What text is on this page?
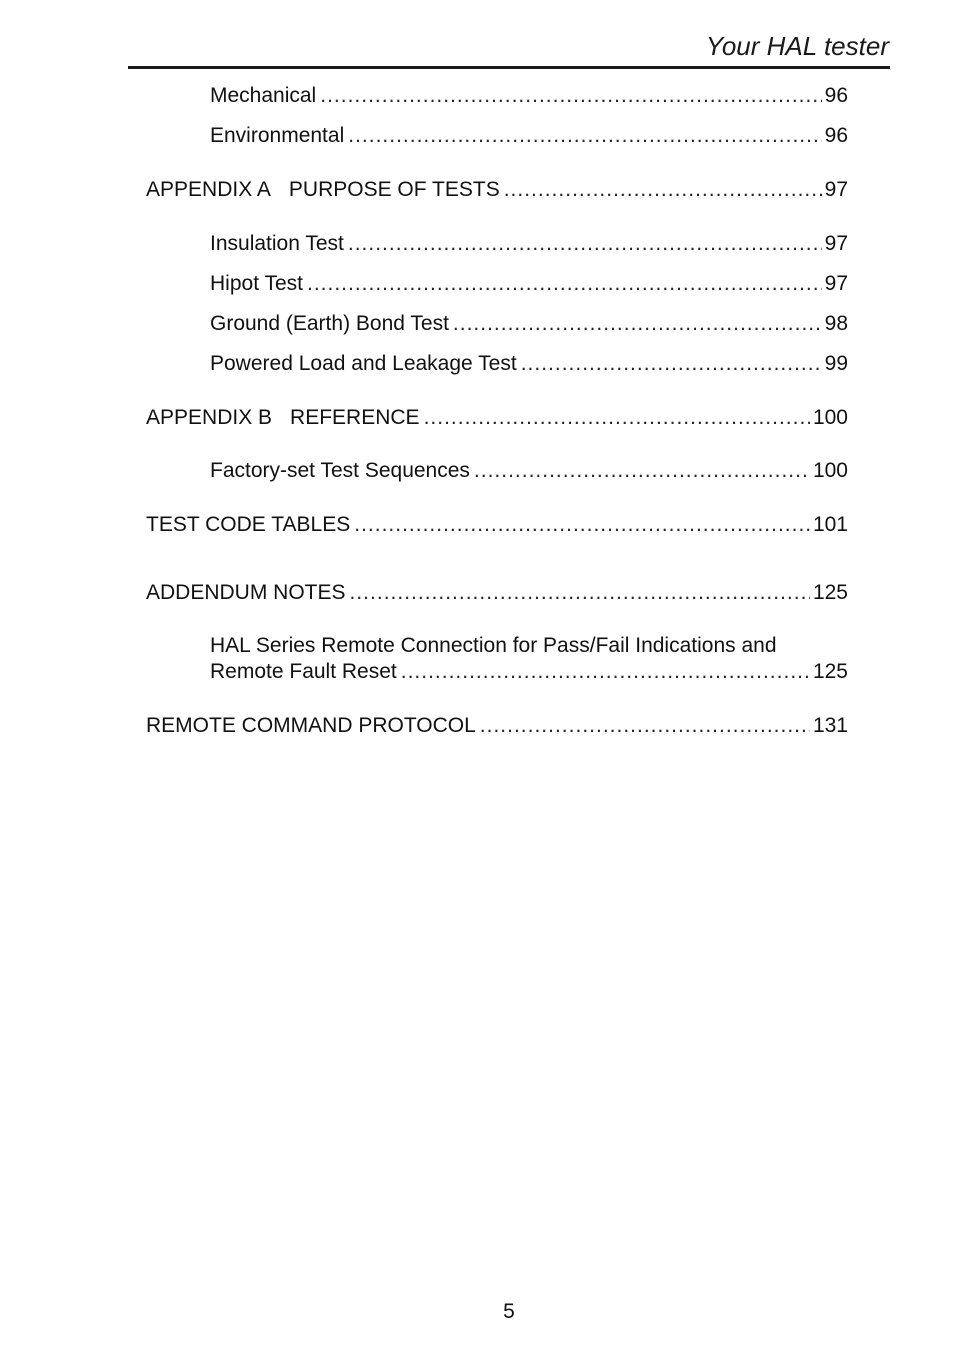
Your HAL tester
Mechanical .....	96
Environmental .....	96
APPENDIX A PURPOSE OF TESTS .....	97
Insulation Test .....	97
Hipot Test .....	97
Ground (Earth) Bond Test .....	98
Powered Load and Leakage Test .....	99
APPENDIX B REFERENCE .....	100
Factory-set Test Sequences .....	100
TEST CODE TABLES .....	101
ADDENDUM NOTES .....	125
HAL Series Remote Connection for Pass/Fail Indications and
Remote Fault Reset .....	125
REMOTE COMMAND PROTOCOL .....	131
5
